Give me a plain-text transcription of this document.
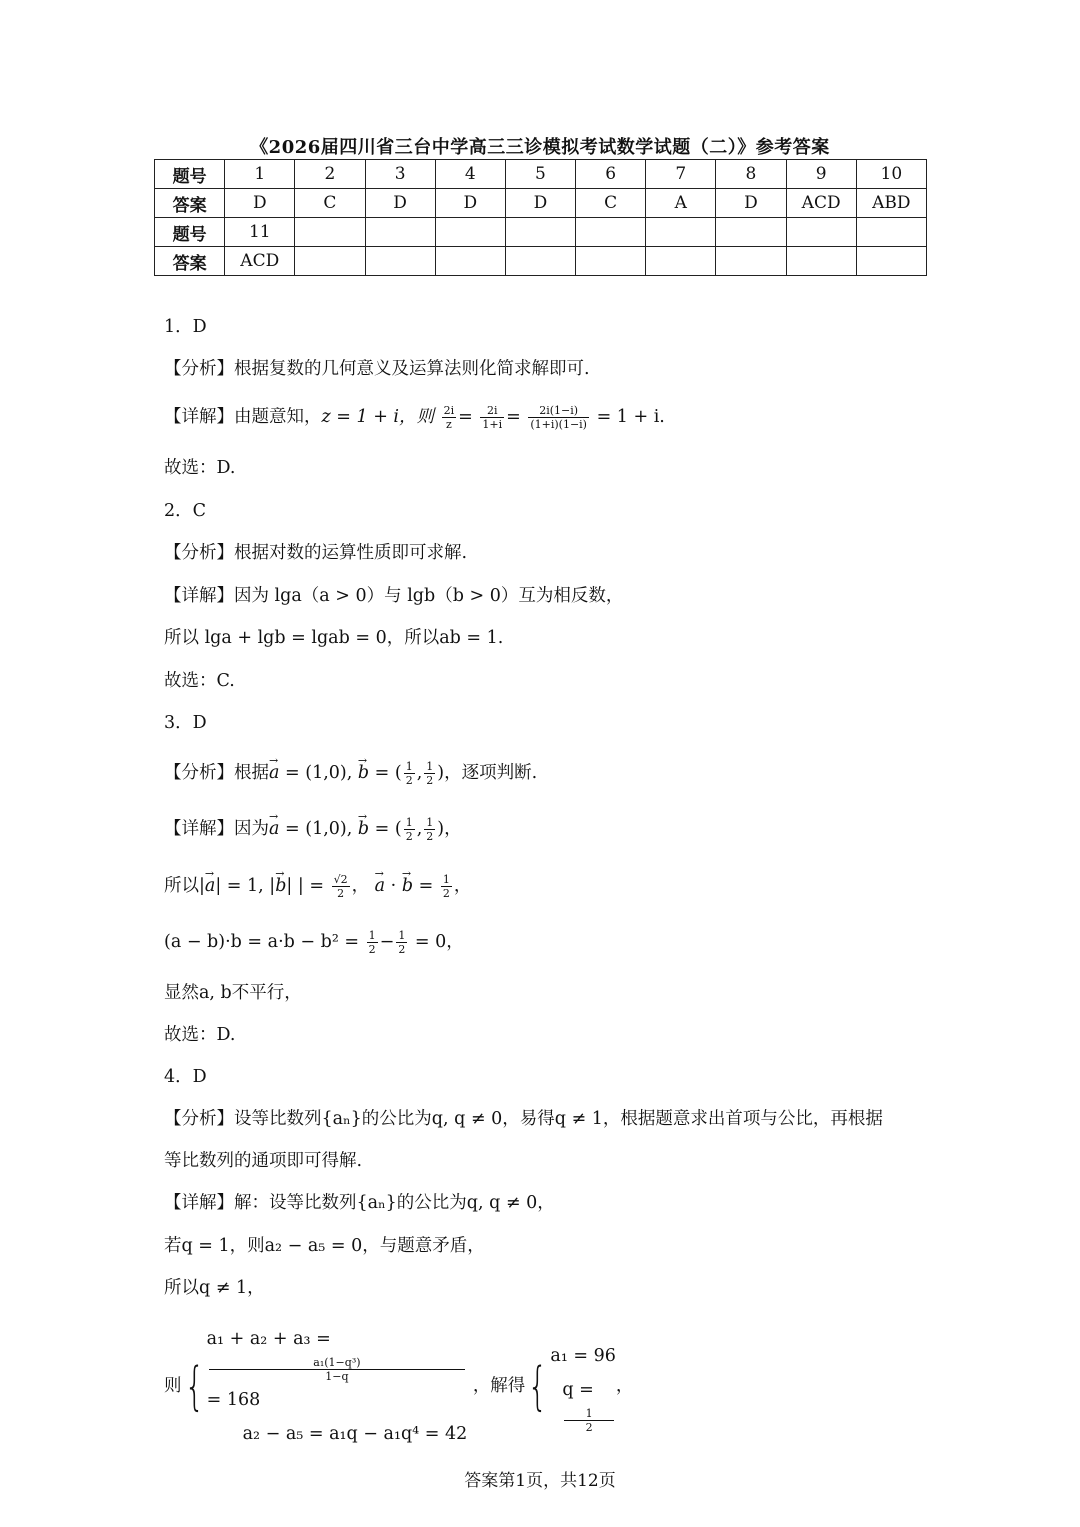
《2026届四川省三台中学高三三诊模拟考试数学试题（二）》参考答案
题号	1	2	3	4	5	6	7	8	9	10
答案	D	C	D	D	D	C	A	D	ACD	ABD
题号	11									
答案	ACD									
1．D
【分析】根据复数的几何意义及运算法则化简求解即可.
【详解】由题意知，z = 1 + i，则 $\frac{2i}{z} = \frac{2i}{1+i} = \frac{2i(1-i)}{(1+i)(1-i)} = 1 + i$.
故选：D.
2．C
【分析】根据对数的运算性质即可求解.
【详解】因为 lga（a > 0）与 lgb（b > 0）互为相反数，
所以 lga + lgb = lgab = 0，所以ab = 1.
故选：C.
3．D
【分析】根据→ a = (1,0), → b = ( $\frac{1}{2}$ , $\frac{1}{2}$ )，逐项判断.
【详解】因为→ a = (1,0), → b = ( $\frac{1}{2}$ , $\frac{1}{2}$ )，
所以|→ a| = 1, |→ b| | = $\frac{√2}{2}$ ， → a · → $b = \frac{1}{2}$ ，
$(a - b)\cdot b = a\cdot b - b^2 = \frac{1}{2} - \frac{1}{2} = 0$，
显然a, b不平行，
故选：D.
4．D
【分析】设等比数列{aₙ}的公比为q, q ≠ 0，易得q ≠ 1，根据题意求出首项与公比，再根据
等比数列的通项即可得解.
【详解】解：设等比数列{aₙ}的公比为q, q ≠ 0，
若q = 1，则a₂ − a₅ = 0，与题意矛盾，
所以q ≠ 1，
则{
a₁ + a₂ + a₃ =
a₁(1−q³)
1−q
= 168
a₂ − a₅ = a₁q − a₁q⁴ = 42
，解得{
a₁ = 96
q =
1
2
，
答案第1页，共12页
